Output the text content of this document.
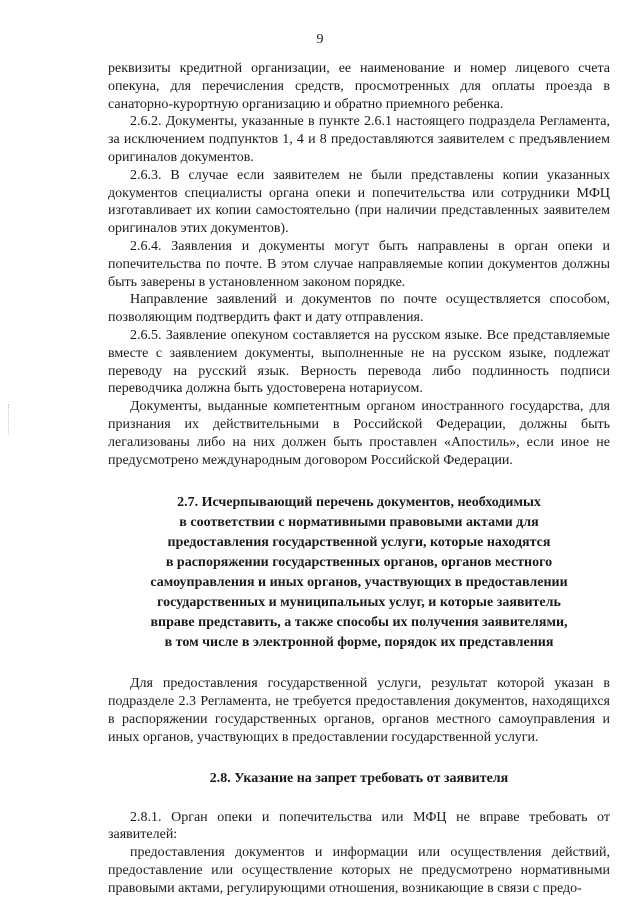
9

реквизиты кредитной организации, ее наименование и номер лицевого счета опекуна, для перечисления средств, просмотренных для оплаты проезда в санаторно-курортную организацию и обратно приемного ребенка.

2.6.2. Документы, указанные в пункте 2.6.1 настоящего подраздела Регламента, за исключением подпунктов 1, 4 и 8 предоставляются заявителем с предъявлением оригиналов документов.

2.6.3. В случае если заявителем не были представлены копии указанных документов специалисты органа опеки и попечительства или сотрудники МФЦ изготавливает их копии самостоятельно (при наличии представленных заявителем оригиналов этих документов).

2.6.4. Заявления и документы могут быть направлены в орган опеки и попечительства по почте. В этом случае направляемые копии документов должны быть заверены в установленном законом порядке.

Направление заявлений и документов по почте осуществляется способом, позволяющим подтвердить факт и дату отправления.

2.6.5. Заявление опекуном составляется на русском языке. Все представляемые вместе с заявлением документы, выполненные не на русском языке, подлежат переводу на русский язык. Верность перевода либо подлинность подписи переводчика должна быть удостоверена нотариусом.

Документы, выданные компетентным органом иностранного государства, для признания их действительными в Российской Федерации, должны быть легализованы либо на них должен быть проставлен «Апостиль», если иное не предусмотрено международным договором Российской Федерации.

2.7. Исчерпывающий перечень документов, необходимых
в соответствии с нормативными правовыми актами для
предоставления государственной услуги, которые находятся
в распоряжении государственных органов, органов местного
самоуправления и иных органов, участвующих в предоставлении
государственных и муниципальных услуг, и которые заявитель
вправе представить, а также способы их получения заявителями,
в том числе в электронной форме, порядок их представления

Для предоставления государственной услуги, результат которой указан в подразделе 2.3 Регламента, не требуется предоставления документов, находящихся в распоряжении государственных органов, органов местного самоуправления и иных органов, участвующих в предоставлении государственной услуги.

2.8. Указание на запрет требовать от заявителя

2.8.1. Орган опеки и попечительства или МФЦ не вправе требовать от заявителей:

предоставления документов и информации или осуществления действий, предоставление или осуществление которых не предусмотрено нормативными правовыми актами, регулирующими отношения, возникающие в связи с предо-
